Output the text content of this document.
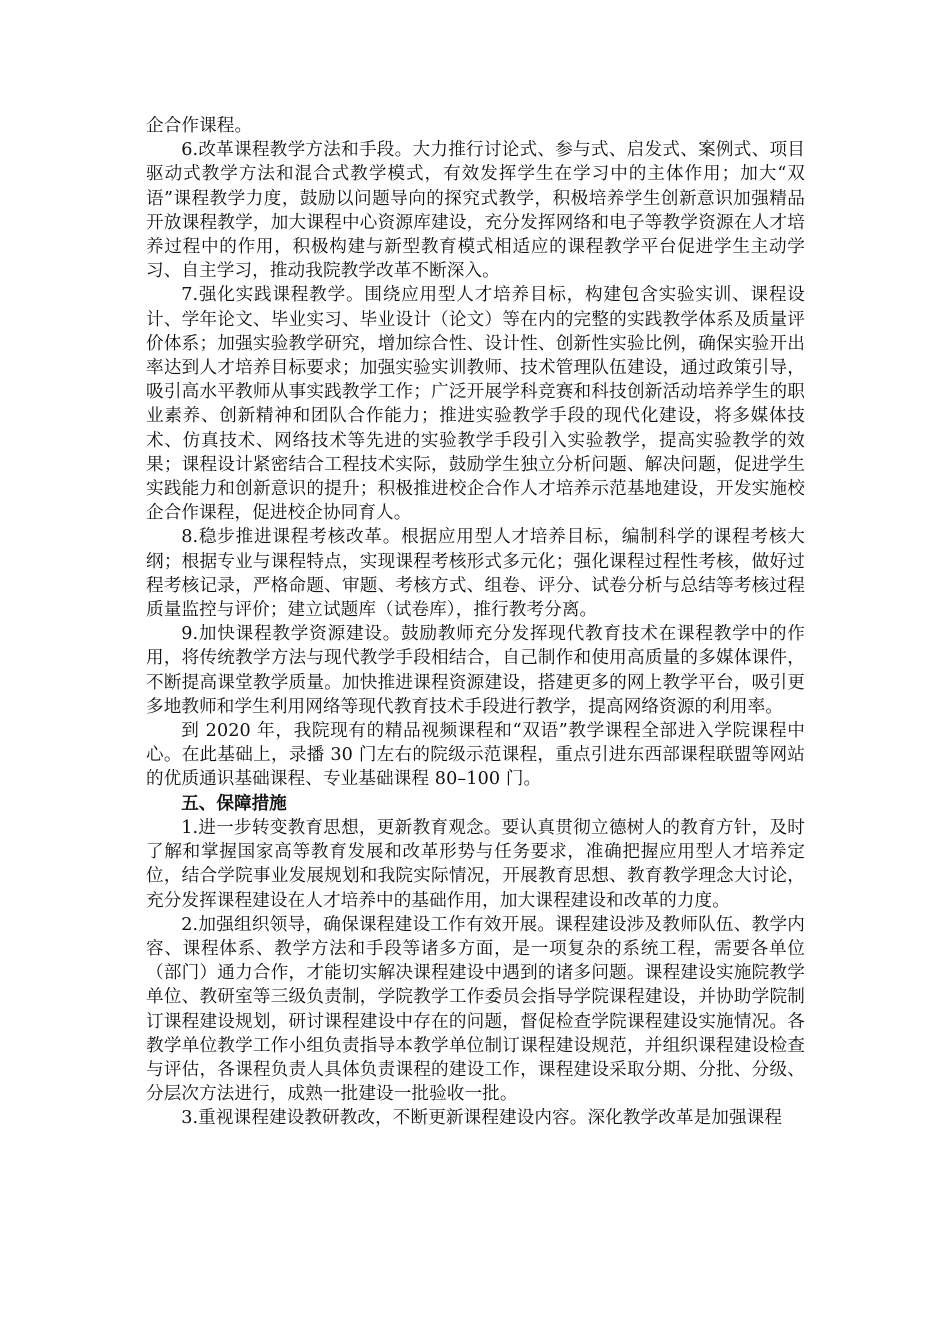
企合作课程。

6.改革课程教学方法和手段。大力推行讨论式、参与式、启发式、案例式、项目驱动式教学方法和混合式教学模式，有效发挥学生在学习中的主体作用；加大“双语”课程教学力度，鼓励以问题导向的探究式教学，积极培养学生创新意识加强精品开放课程教学，加大课程中心资源库建设，充分发挥网络和电子等教学资源在人才培养过程中的作用，积极构建与新型教育模式相适应的课程教学平台促进学生主动学习、自主学习，推动我院教学改革不断深入。

7.强化实践课程教学。围绕应用型人才培养目标，构建包含实验实训、课程设计、学年论文、毕业实习、毕业设计（论文）等在内的完整的实践教学体系及质量评价体系；加强实验教学研究，增加综合性、设计性、创新性实验比例，确保实验开出率达到人才培养目标要求；加强实验实训教师、技术管理队伍建设，通过政策引导，吸引高水平教师从事实践教学工作；广泛开展学科竞赛和科技创新活动培养学生的职业素养、创新精神和团队合作能力；推进实验教学手段的现代化建设，将多媒体技术、仿真技术、网络技术等先进的实验教学手段引入实验教学，提高实验教学的效果；课程设计紧密结合工程技术实际，鼓励学生独立分析问题、解决问题，促进学生实践能力和创新意识的提升；积极推进校企合作人才培养示范基地建设，开发实施校企合作课程，促进校企协同育人。

8.稳步推进课程考核改革。根据应用型人才培养目标，编制科学的课程考核大纲；根据专业与课程特点，实现课程考核形式多元化；强化课程过程性考核，做好过程考核记录，严格命题、审题、考核方式、组卷、评分、试卷分析与总结等考核过程质量监控与评价；建立试题库（试卷库），推行教考分离。

9.加快课程教学资源建设。鼓励教师充分发挥现代教育技术在课程教学中的作用，将传统教学方法与现代教学手段相结合，自己制作和使用高质量的多媒体课件，不断提高课堂教学质量。加快推进课程资源建设，搭建更多的网上教学平台，吸引更多地教师和学生利用网络等现代教育技术手段进行教学，提高网络资源的利用率。

到 2020 年，我院现有的精品视频课程和“双语”教学课程全部进入学院课程中心。在此基础上，录播 30 门左右的院级示范课程，重点引进东西部课程联盟等网站的优质通识基础课程、专业基础课程 80–100 门。

五、保障措施

1.进一步转变教育思想，更新教育观念。要认真贯彻立德树人的教育方针，及时了解和掌握国家高等教育发展和改革形势与任务要求，准确把握应用型人才培养定位，结合学院事业发展规划和我院实际情况，开展教育思想、教育教学理念大讨论，充分发挥课程建设在人才培养中的基础作用，加大课程建设和改革的力度。

2.加强组织领导，确保课程建设工作有效开展。课程建设涉及教师队伍、教学内容、课程体系、教学方法和手段等诸多方面，是一项复杂的系统工程，需要各单位（部门）通力合作，才能切实解决课程建设中遇到的诸多问题。课程建设实施院教学单位、教研室等三级负责制，学院教学工作委员会指导学院课程建设，并协助学院制订课程建设规划，研讨课程建设中存在的问题，督促检查学院课程建设实施情况。各教学单位教学工作小组负责指导本教学单位制订课程建设规范，并组织课程建设检查与评估，各课程负责人具体负责课程的建设工作，课程建设采取分期、分批、分级、分层次方法进行，成熟一批建设一批验收一批。

3.重视课程建设教研教改，不断更新课程建设内容。深化教学改革是加强课程
